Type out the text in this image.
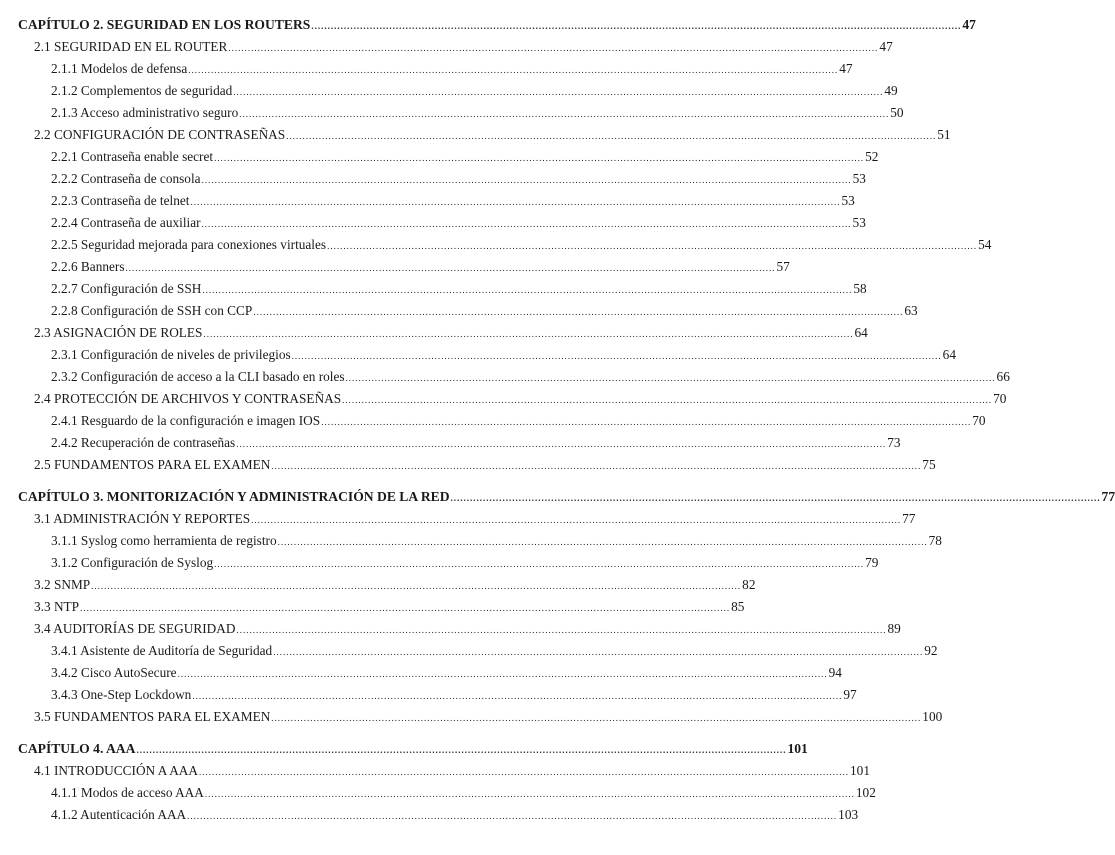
CAPÍTULO 2. SEGURIDAD EN LOS ROUTERS ........................................................................................................................................................................................................ 47
2.1 SEGURIDAD EN EL ROUTER ........................................................................................................................................................................................................ 47
2.1.1 Modelos de defensa ........................................................................................................................................................................................................ 47
2.1.2 Complementos de seguridad ........................................................................................................................................................................................................ 49
2.1.3 Acceso administrativo seguro ........................................................................................................................................................................................................ 50
2.2 CONFIGURACIÓN DE CONTRASEÑAS ........................................................................................................................................................................................................ 51
2.2.1 Contraseña enable secret ........................................................................................................................................................................................................ 52
2.2.2 Contraseña de consola ........................................................................................................................................................................................................ 53
2.2.3 Contraseña de telnet ........................................................................................................................................................................................................ 53
2.2.4 Contraseña de auxiliar ........................................................................................................................................................................................................ 53
2.2.5 Seguridad mejorada para conexiones virtuales ........................................................................................................................................................................................................ 54
2.2.6 Banners ........................................................................................................................................................................................................ 57
2.2.7 Configuración de SSH ........................................................................................................................................................................................................ 58
2.2.8 Configuración de SSH con CCP ........................................................................................................................................................................................................ 63
2.3 ASIGNACIÓN DE ROLES ........................................................................................................................................................................................................ 64
2.3.1 Configuración de niveles de privilegios ........................................................................................................................................................................................................ 64
2.3.2 Configuración de acceso a la CLI basado en roles ........................................................................................................................................................................................................ 66
2.4 PROTECCIÓN DE ARCHIVOS Y CONTRASEÑAS ........................................................................................................................................................................................................ 70
2.4.1 Resguardo de la configuración e imagen IOS ........................................................................................................................................................................................................ 70
2.4.2 Recuperación de contraseñas ........................................................................................................................................................................................................ 73
2.5 FUNDAMENTOS PARA EL EXAMEN ........................................................................................................................................................................................................ 75
CAPÍTULO 3. MONITORIZACIÓN Y ADMINISTRACIÓN DE LA RED ........................................................................................................................................................................................................ 77
3.1 ADMINISTRACIÓN Y REPORTES ........................................................................................................................................................................................................ 77
3.1.1 Syslog como herramienta de registro ........................................................................................................................................................................................................ 78
3.1.2 Configuración de Syslog ........................................................................................................................................................................................................ 79
3.2 SNMP ........................................................................................................................................................................................................ 82
3.3 NTP ........................................................................................................................................................................................................ 85
3.4 AUDITORÍAS DE SEGURIDAD ........................................................................................................................................................................................................ 89
3.4.1 Asistente de Auditoría de Seguridad ........................................................................................................................................................................................................ 92
3.4.2 Cisco AutoSecure ........................................................................................................................................................................................................ 94
3.4.3 One-Step Lockdown ........................................................................................................................................................................................................ 97
3.5 FUNDAMENTOS PARA EL EXAMEN ........................................................................................................................................................................................................ 100
CAPÍTULO 4. AAA ........................................................................................................................................................................................................ 101
4.1 INTRODUCCIÓN A AAA ........................................................................................................................................................................................................ 101
4.1.1 Modos de acceso AAA ........................................................................................................................................................................................................ 102
4.1.2 Autenticación AAA ........................................................................................................................................................................................................ 103
